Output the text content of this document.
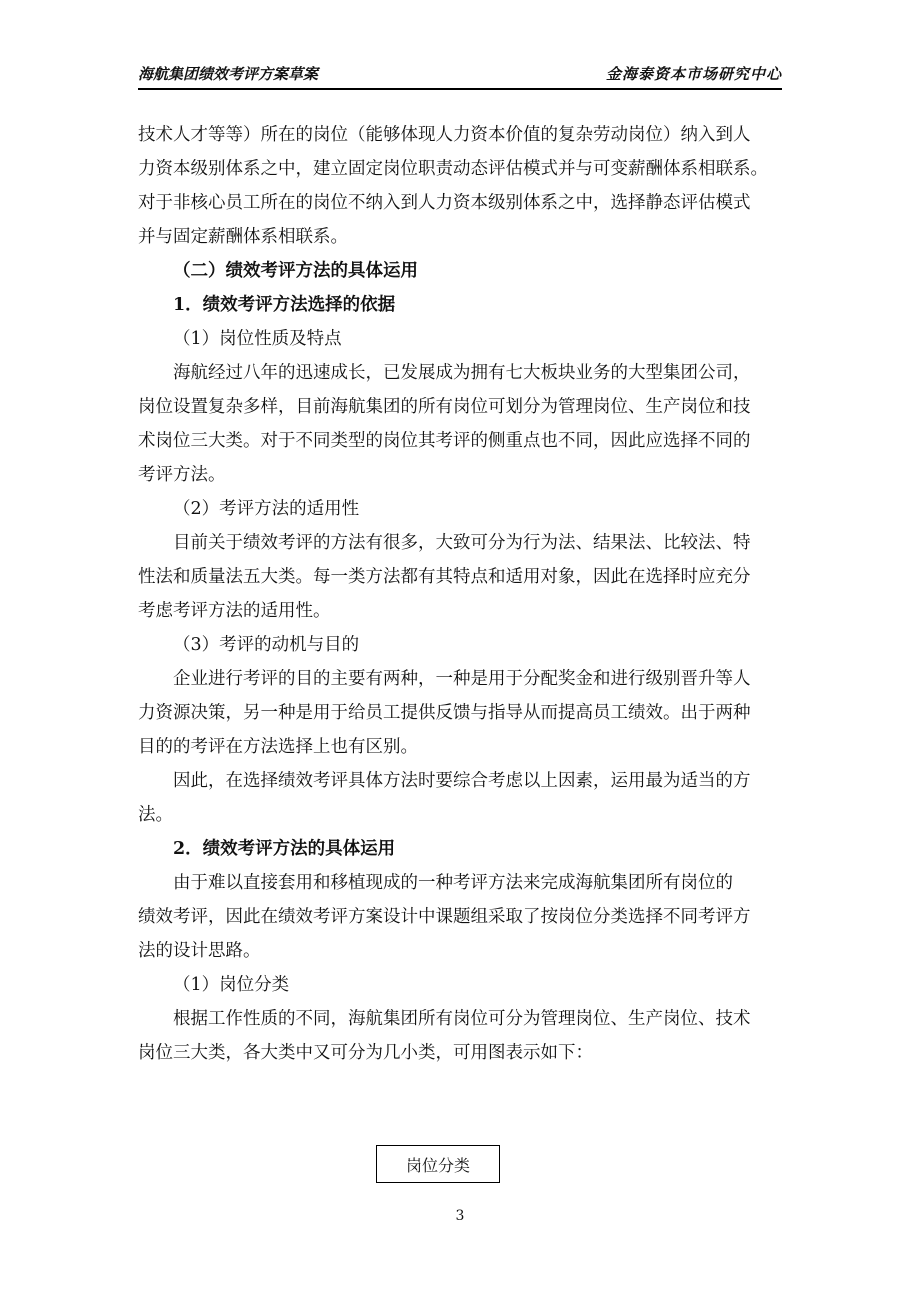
海航集团绩效考评方案草案	金海泰资本市场研究中心
技术人才等等）所在的岗位（能够体现人力资本价值的复杂劳动岗位）纳入到人
力资本级别体系之中，建立固定岗位职责动态评估模式并与可变薪酬体系相联系。
对于非核心员工所在的岗位不纳入到人力资本级别体系之中，选择静态评估模式
并与固定薪酬体系相联系。
（二）绩效考评方法的具体运用
1．绩效考评方法选择的依据
（1）岗位性质及特点
海航经过八年的迅速成长，已发展成为拥有七大板块业务的大型集团公司，
岗位设置复杂多样，目前海航集团的所有岗位可划分为管理岗位、生产岗位和技
术岗位三大类。对于不同类型的岗位其考评的侧重点也不同，因此应选择不同的
考评方法。
（2）考评方法的适用性
目前关于绩效考评的方法有很多，大致可分为行为法、结果法、比较法、特
性法和质量法五大类。每一类方法都有其特点和适用对象，因此在选择时应充分
考虑考评方法的适用性。
（3）考评的动机与目的
企业进行考评的目的主要有两种，一种是用于分配奖金和进行级别晋升等人
力资源决策，另一种是用于给员工提供反馈与指导从而提高员工绩效。出于两种
目的的考评在方法选择上也有区别。
因此，在选择绩效考评具体方法时要综合考虑以上因素，运用最为适当的方
法。
2．绩效考评方法的具体运用
由于难以直接套用和移植现成的一种考评方法来完成海航集团所有岗位的
绩效考评，因此在绩效考评方案设计中课题组采取了按岗位分类选择不同考评方
法的设计思路。
（1）岗位分类
根据工作性质的不同，海航集团所有岗位可分为管理岗位、生产岗位、技术
岗位三大类，各大类中又可分为几小类，可用图表示如下：
岗位分类
3
